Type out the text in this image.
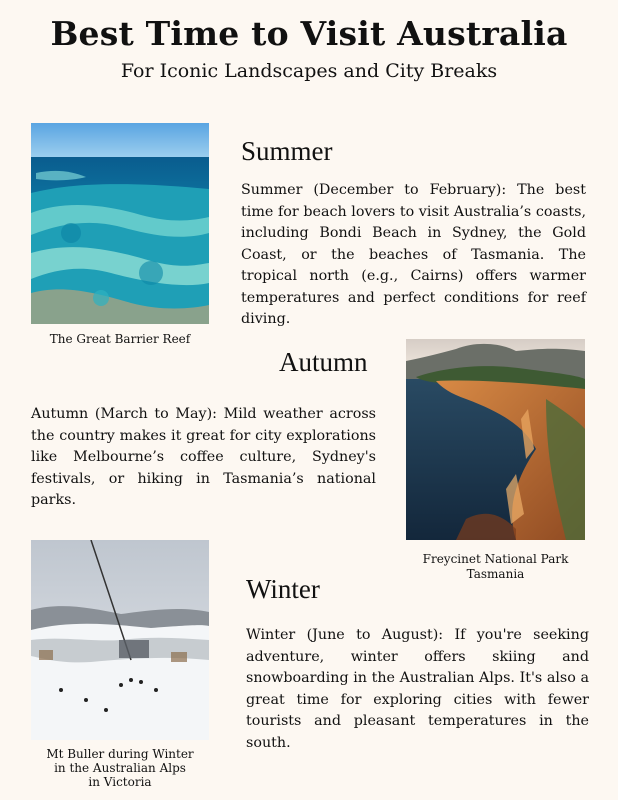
Best Time to Visit Australia
For Iconic Landscapes and City Breaks
The Great Barrier Reef
Summer
Summer (December to February): The best time for beach lovers to visit Australia’s coasts, including Bondi Beach in Sydney, the Gold Coast, or the beaches of Tasmania. The tropical north (e.g., Cairns) offers warmer temperatures and perfect conditions for reef diving.
Autumn
Autumn (March to May): Mild weather across the country makes it great for city explorations like Melbourne’s coffee culture, Sydney's festivals, or hiking in Tasmania’s national parks.
Freycinet National Park
Tasmania
Mt Buller during Winter
in the Australian Alps
in Victoria
Winter
Winter (June to August): If you're seeking adventure, winter offers skiing and snowboarding in the Australian Alps. It's also a great time for exploring cities with fewer tourists and pleasant temperatures in the south.
